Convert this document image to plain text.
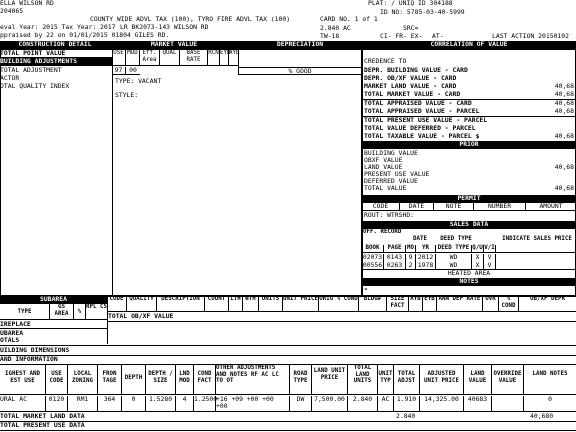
ELLA WILSON RD
204065
COUNTY WIDE ADVL TAX (100), TYRO FIRE ADVL TAX (100)
eval Year: 2015 Tax Year: 2017 LR BK2073-143 WILSON RD
ppraised by 22 on 01/01/2015 01804 GILES RD.
PLAT: / UNIQ ID 304188
ID NO: 5785-03-40-5999
CARD NO. 1 of 1
2.840 AC	SRC=
TW-18	CI- FR- EX- AT-	LAST ACTION 20150102
CONSTRUCTION DETAIL	MARKET VALUE	DEPRECIATION
TOTAL POINT VALUE
BUILDING ADJUSTMENTS
TOTAL ADJUSTMENT
ACTOR
OTAL QUALITY INDEX
USE MOD Eff. Area
QUAL	BASE RATE
RCN EYB
AYB
97	00
TYPE: VACANT
STYLE:
% GOOD
CORRELATION OF VALUE
CREDENCE TO
DEPR. BUILDING VALUE - CARD
DEPR. OB/XF VALUE - CARD
MARKET LAND VALUE - CARD	40,68
TOTAL MARKET VALUE - CARD	40,68
TOTAL APPRAISED VALUE - CARD	40,68
TOTAL APPRAISED VALUE - PARCEL	40,68
TOTAL PRESENT USE VALUE - PARCEL
TOTAL VALUE DEFERRED - PARCEL
TOTAL TAXABLE VALUE - PARCEL $	40,68
PRIOR
BUILDING VALUE
OBXF VALUE
LAND VALUE	40,68
PRESENT USE VALUE
DEFERRED VALUE
TOTAL VALUE	40,68
PERMIT
CODE	DATE	NOTE	NUMBER	AMOUNT
ROUT: WTRSHD:
SALES DATA
OFF. RECORD
DATE	DEED TYPE	INDICATE SALES PRICE
BOOK	PAGE MO	YR	DEED TYPE Q/U V/I
02073 0143 9 2012	WD	X	V
00556 0263 2 1978	WD	X	V
HEATED AREA
NOTES
*
SUBAREA
TYPE
GS AREA	%
RPL CS
CODE QUALITY	DESCRIPTION	COUNT LTH WTH	UNITS UNIT PRICE ORIG % COND	BLDG#	SIZE FACT
AYB EYB ANN DEP RATE OVR	% COND
OB/XF DEPR
TOTAL OB/XF VALUE
IREPLACE
UBAREA
OTALS
UILDING DIMENSIONS
AND INFORMATION
IGHEST AND EST USE
USE CODE
LOCAL ZONING
FRON TAGE	DEPTH
DEPTH / SIZE
LND MOD
COND FACT
OTHER ADJUSTMENTS AND NOTES RF AC LC TO OT
ROAD TYPE
LAND UNIT PRICE
TOTAL LAND UNITS
UNIT TYP
TOTAL ADJST
ADJUSTED UNIT PRICE
LAND VALUE
OVERRIDE VALUE
LAND NOTES
URAL AC	0120	RM1	364	0	1.5280	4	1.2500
+16 +09 +00 +00 +00
DW	7,500.00	2.840	AC	1.910	14,325.00	40683	0
TOTAL MARKET LAND DATA	2.840	40,680
TOTAL PRESENT USE DATA
